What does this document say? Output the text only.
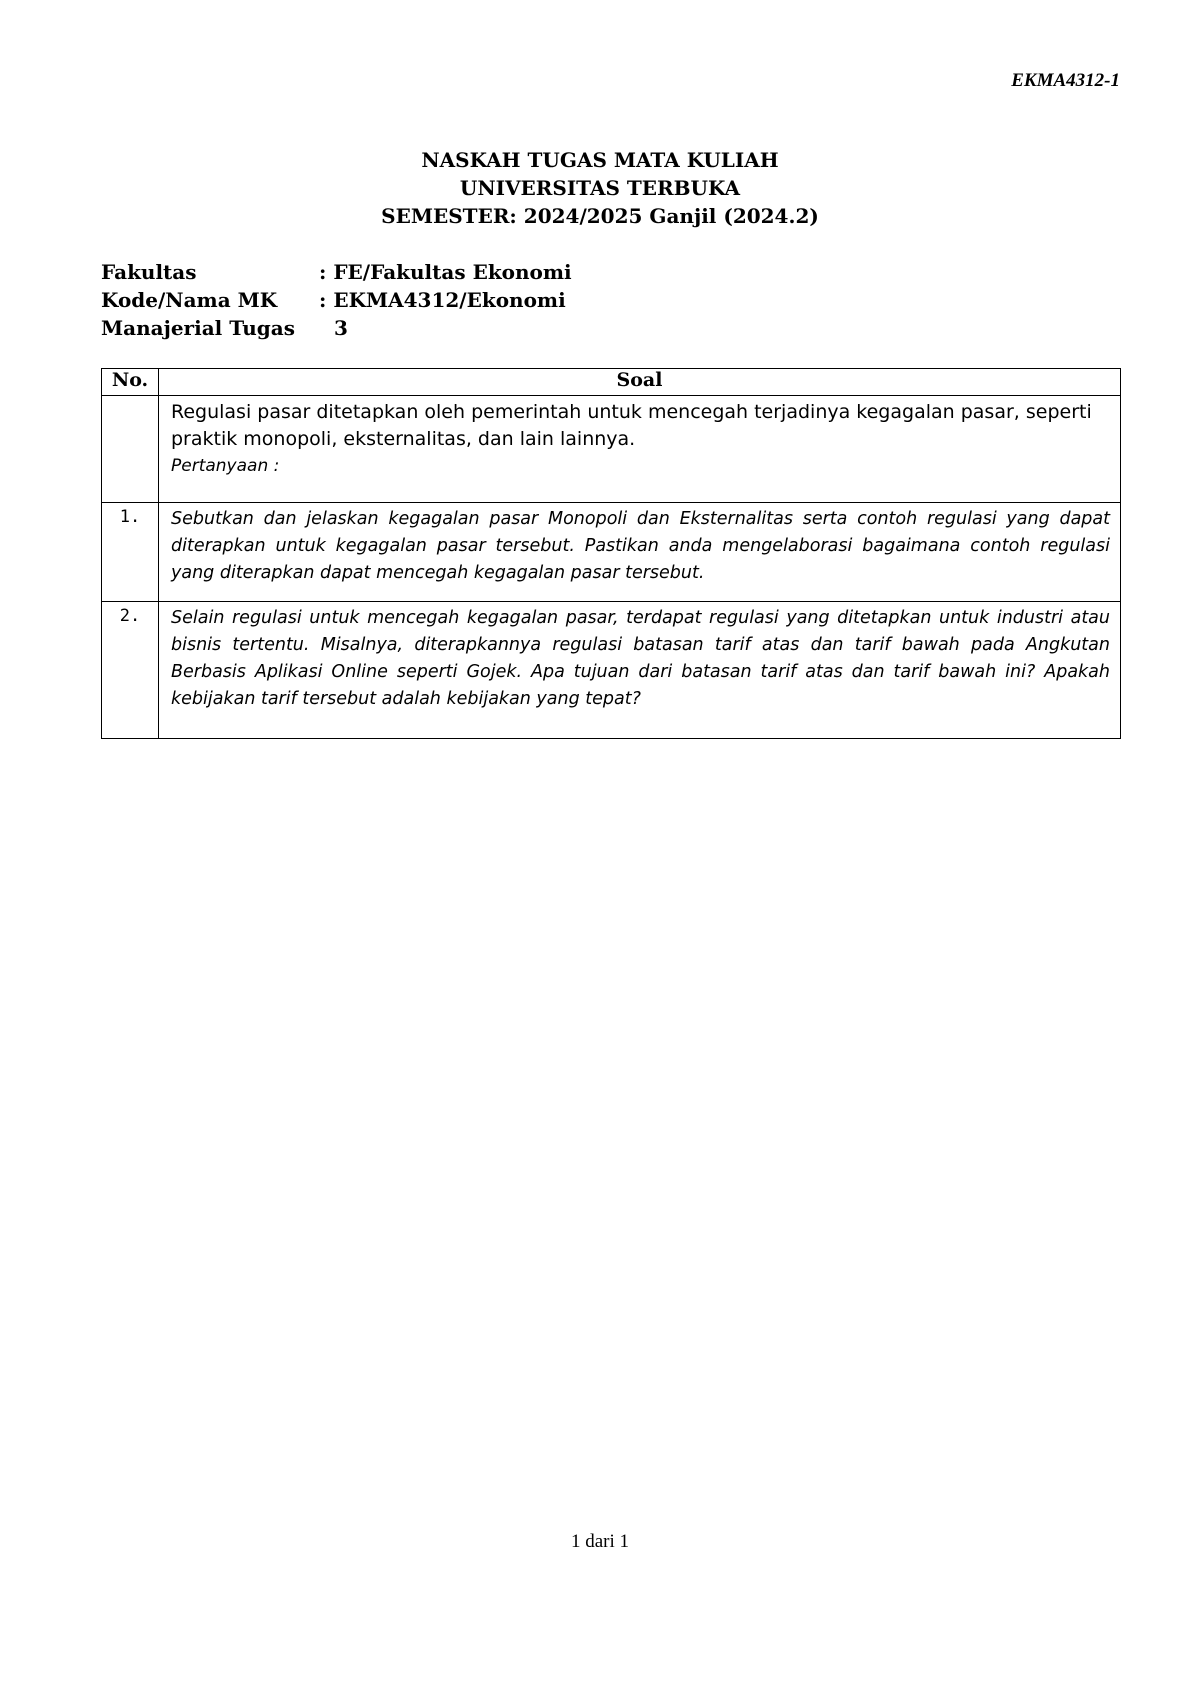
EKMA4312-1
NASKAH TUGAS MATA KULIAH
UNIVERSITAS TERBUKA
SEMESTER: 2024/2025 Ganjil (2024.2)
Fakultas	: FE/Fakultas Ekonomi
Kode/Nama MK	: EKMA4312/Ekonomi
Manajerial Tugas	3
No.	Soal

	Regulasi pasar ditetapkan oleh pemerintah untuk mencegah terjadinya kegagalan pasar, seperti praktik monopoli, eksternalitas, dan lain lainnya.
Pertanyaan :

1.	Sebutkan dan jelaskan kegagalan pasar Monopoli dan Eksternalitas serta contoh regulasi yang dapat diterapkan untuk kegagalan pasar tersebut. Pastikan anda mengelaborasi bagaimana contoh regulasi yang diterapkan dapat mencegah kegagalan pasar tersebut.

2.	Selain regulasi untuk mencegah kegagalan pasar, terdapat regulasi yang ditetapkan untuk industri atau bisnis tertentu. Misalnya, diterapkannya regulasi batasan tarif atas dan tarif bawah pada Angkutan Berbasis Aplikasi Online seperti Gojek. Apa tujuan dari batasan tarif atas dan tarif bawah ini? Apakah kebijakan tarif tersebut adalah kebijakan yang tepat?
1 dari 1
